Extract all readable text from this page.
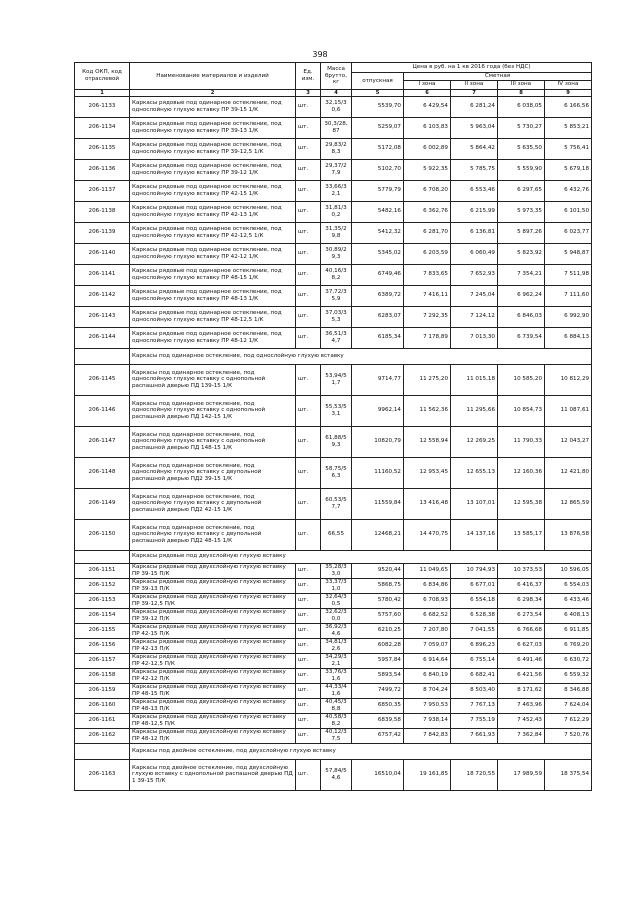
398
Код ОКП, код отраслевой	Наименование материалов и изделий	Ед. изм.	Масса брутто, кг	Цена в руб. на 1 кв 2016 года (без НДС)				
				отпускная	Сметная			
					I зона	II зона	III зона	IV зона
1	2	3	4	5	6	7	8	9
206-1133	Каркасы рядовые под одинарное остекление, под однослойную глухую вставку ПР 39-15 1/К	шт.	32,15/3 0,6	5539,70	6 429,54	6 281,24	6 038,05	6 166,56
206-1134	Каркасы рядовые под одинарное остекление, под однослойную глухую вставку ПР 39-13 1/К	шт.	30,3/28, 87	5259,07	6 103,83	5 963,04	5 730,27	5 853,21
206-1135	Каркасы рядовые под одинарное остекление, под однослойную глухую вставку ПР 39-12,5 1/К	шт.	29,83/2 8,3	5172,08	6 002,89	5 864,42	5 635,50	5 756,41
206-1136	Каркасы рядовые под одинарное остекление, под однослойную глухую вставку ПР 39-12 1/К	шт.	29,37/2 7,9	5102,70	5 922,35	5 785,75	5 559,90	5 679,18
206-1137	Каркасы рядовые под одинарное остекление, под однослойную глухую вставку ПР 42-15 1/К	шт.	33,66/3 2,1	5779,79	6 708,20	6 553,46	6 297,65	6 432,76
206-1138	Каркасы рядовые под одинарное остекление, под однослойную глухую вставку ПР 42-13 1/К	шт.	31,81/3 0,2	5482,16	6 362,76	6 215,99	5 973,35	6 101,50
206-1139	Каркасы рядовые под одинарное остекление, под однослойную глухую вставку ПР 42-12,5 1/К	шт.	31,35/2 9,8	5412,32	6 281,70	6 136,81	5 897,26	6 023,77
206-1140	Каркасы рядовые под одинарное остекление, под однослойную глухую вставку ПР 42-12 1/К	шт.	30,89/2 9,3	5345,02	6 203,59	6 060,49	5 823,92	5 948,87
206-1141	Каркасы рядовые под одинарное остекление, под однослойную глухую вставку ПР 48-15 1/К	шт.	40,16/3 8,2	6749,46	7 833,65	7 652,93	7 354,21	7 511,98
206-1142	Каркасы рядовые под одинарное остекление, под однослойную глухую вставку ПР 48-13 1/К	шт.	37,72/3 5,9	6389,72	7 416,11	7 245,04	6 962,24	7 111,60
206-1143	Каркасы рядовые под одинарное остекление, под однослойную глухую вставку ПР 48-12,5 1/К	шт.	37,03/3 5,3	6283,07	7 292,35	7 124,12	6 846,03	6 992,90
206-1144	Каркасы рядовые под одинарное остекление, под однослойную глухую вставку ПР 48-12 1/К	шт.	36,51/3 4,7	6185,34	7 178,89	7 013,30	6 739,54	6 884,13
	Каркасы под одинарное остекление, под однослойную глухую вставку							
206-1145	Каркасы под одинарное остекление, под однослойную глухую вставку с однопольной распашной дверью ПД 139-15 1/К	шт.	53,94/5 1,7	9714,77	11 275,20	11 015,18	10 585,20	10 812,29
206-1146	Каркасы под одинарное остекление, под однослойную глухую вставку с однопольной распашной дверью ПД 142-15 1/К	шт.	55,53/5 3,1	9962,14	11 562,36	11 295,66	10 854,73	11 087,61
206-1147	Каркасы под одинарное остекление, под однослойную глухую вставку с однопольной распашной дверью ПД 148-15 1/К	шт.	61,88/5 9,3	10820,79	12 558,94	12 269,25	11 790,33	12 043,27
206-1148	Каркасы под одинарное остекление, под однослойную глухую вставку с двупольной распашной дверью ПД2 39-15 1/К	шт.	58,75/5 6,3	11160,52	12 953,45	12 655,13	12 160,36	12 421,80
206-1149	Каркасы под одинарное остекление, под однослойную глухую вставку с двупольной распашной дверью ПД2 42-15 1/К	шт.	60,53/5 7,7	11559,84	13 416,48	13 107,01	12 595,38	12 865,59
206-1150	Каркасы под одинарное остекление, под однослойную глухую вставку с двупольной распашной дверью ПД2 48-15 1/К	шт.	66,55	12468,21	14 470,75	14 137,16	13 585,17	13 876,58
	Каркасы рядовые под двухслойную глухую вставку							
206-1151	Каркасы рядовые под двухслойную глухую вставку ПР 39-15 П/К	шт.	35,28/3 3,0	9520,44	11 049,65	10 794,93	10 373,53	10 596,05
206-1152	Каркасы рядовые под двухслойную глухую вставку ПР 39-13 П/К	шт.	33,37/3 1,0	5868,75	6 834,86	6 677,01	6 416,37	6 554,03
206-1153	Каркасы рядовые под двухслойную глухую вставку ПР 39-12,5 П/К	шт.	32,64/3 0,5	5780,42	6 708,93	6 554,18	6 298,34	6 433,46
206-1154	Каркасы рядовые под двухслойную глухую вставку ПР 39-12 П/К	шт.	32,62/3 0,0	5757,60	6 682,52	6 528,38	6 273,54	6 408,13
206-1155	Каркасы рядовые под двухслойную глухую вставку ПР 42-15 П/К	шт.	36,92/3 4,6	6210,25	7 207,80	7 041,55	6 766,68	6 911,85
206-1156	Каркасы рядовые под двухслойную глухую вставку ПР 42-13 П/К	шт.	34,81/3 2,6	6082,28	7 059,07	6 896,23	6 627,03	6 769,20
206-1157	Каркасы рядовые под двухслойную глухую вставку ПР 42-12,5 П/К	шт.	34,29/3 2,1	5957,84	6 914,64	6 755,14	6 491,46	6 630,72
206-1158	Каркасы рядовые под двухслойную глухую вставку ПР 42-12 П/К	шт.	33,76/3 1,6	5893,54	6 840,19	6 682,41	6 421,56	6 559,32
206-1159	Каркасы рядовые под двухслойную глухую вставку ПР 48-15 П/К	шт.	44,33/4 1,6	7499,72	8 704,24	8 503,40	8 171,62	8 346,88
206-1160	Каркасы рядовые под двухслойную глухую вставку ПР 48-13 П/К	шт.	40,45/3 8,8	6850,35	7 950,53	7 767,13	7 463,96	7 624,04
206-1161	Каркасы рядовые под двухслойную глухую вставку ПР 48-12,5 П/К	шт.	40,58/3 8,2	6839,58	7 938,14	7 755,19	7 452,43	7 612,29
206-1162	Каркасы рядовые под двухслойную глухую вставку ПР 48-12 П/К	шт.	40,12/3 7,5	6757,42	7 842,83	7 661,93	7 362,84	7 520,76
	Каркасы под двойное остекление, под двухслойную глухую вставку							
206-1163	Каркасы под двойное остекление, под двухслойную глухую вставку с однопольной распашной дверью ПД 1 39-15 П/К	шт.	57,84/5 4,6	16510,04	19 161,85	18 720,55	17 989,59	18 375,54
